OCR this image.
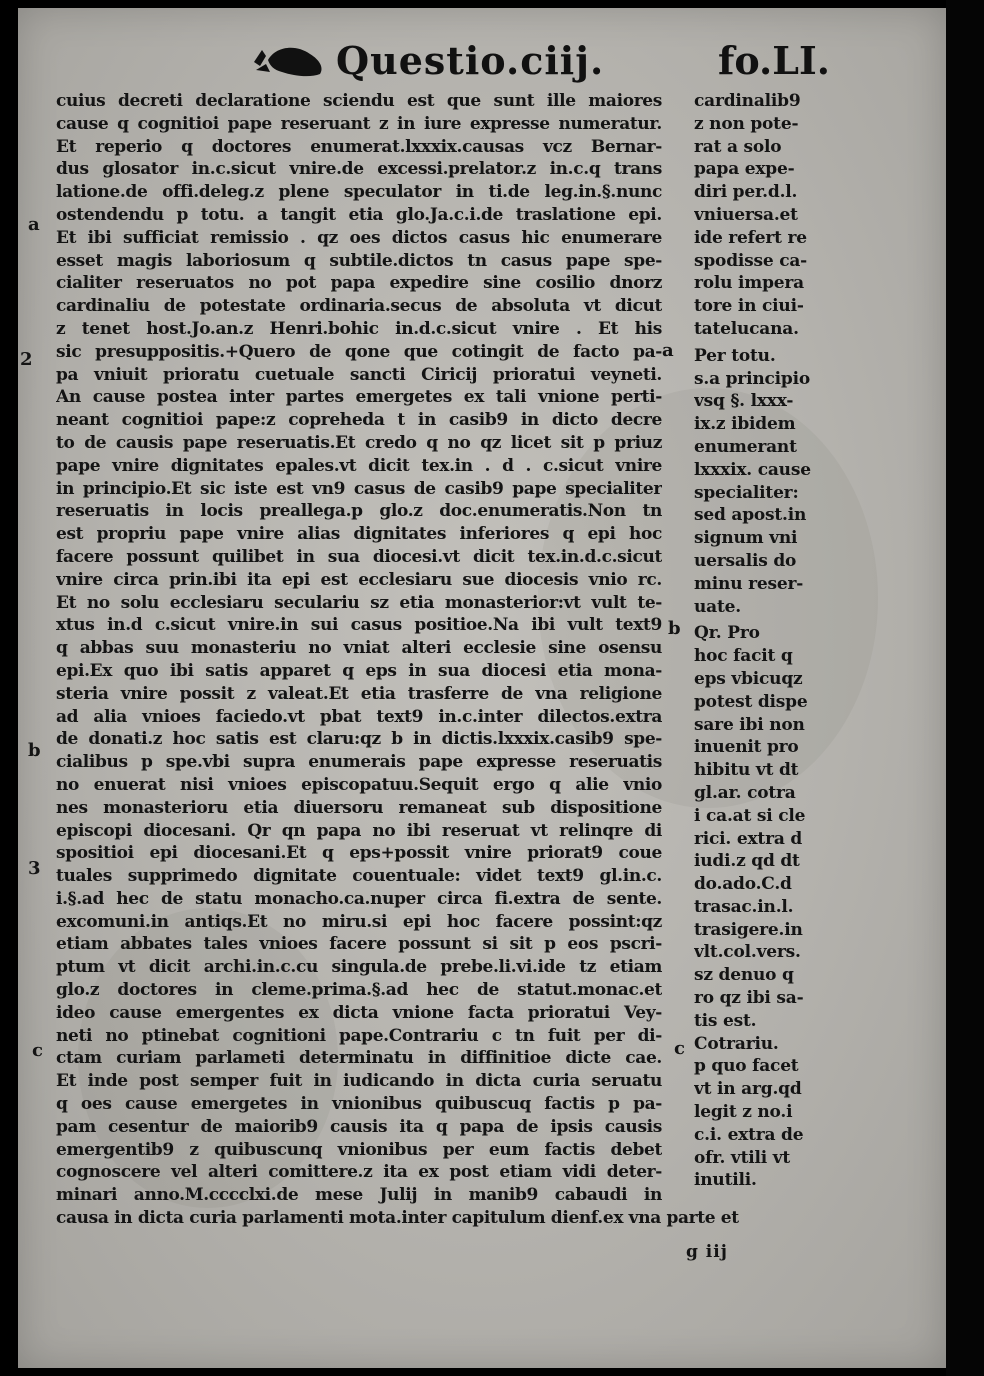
Questio.ciij.	fo.LI.
cuius decreti declaratione sciendu est que sunt ille maiores
cause q cognitioi pape reseruant z in iure expresse numeratur.
Et reperio q doctores enumerat.lxxxix.causas vcz Bernar-
dus glosator in.c.sicut vnire.de excessi.prelator.z in.c.q trans
latione.de offi.deleg.z plene speculator in ti.de leg.in.§.nunc
ostendendu p totu. a tangit etia glo.Ja.c.i.de traslatione epi.
Et ibi sufficiat remissio . qz oes dictos casus hic enumerare
esset magis laboriosum q subtile.dictos tn casus pape spe-
cialiter reseruatos no pot papa expedire sine cosilio dnorz
cardinaliu de potestate ordinaria.secus de absoluta vt dicut
z tenet host.Jo.an.z Henri.bohic in.d.c.sicut vnire . Et his
sic presuppositis.+Quero de qone que cotingit de facto pa-
pa vniuit prioratu cuetuale sancti Ciricij prioratui veyneti.
An cause postea inter partes emergetes ex tali vnione perti-
neant cognitioi pape:z copreheda t in casib9 in dicto decre
to de causis pape reseruatis.Et credo q no qz licet sit p priuz
pape vnire dignitates epales.vt dicit tex.in . d . c.sicut vnire
in principio.Et sic iste est vn9 casus de casib9 pape specialiter
reseruatis in locis preallega.p glo.z doc.enumeratis.Non tn
est propriu pape vnire alias dignitates inferiores q epi hoc
facere possunt quilibet in sua diocesi.vt dicit tex.in.d.c.sicut
vnire circa prin.ibi ita epi est ecclesiaru sue diocesis vnio rc.
Et no solu ecclesiaru seculariu sz etia monasterior:vt vult te-
xtus in.d c.sicut vnire.in sui casus positioe.Na ibi vult text9
q abbas suu monasteriu no vniat alteri ecclesie sine osensu
epi.Ex quo ibi satis apparet q eps in sua diocesi etia mona-
steria vnire possit z valeat.Et etia trasferre de vna religione
ad alia vnioes faciedo.vt pbat text9 in.c.inter dilectos.extra
de donati.z hoc satis est claru:qz b in dictis.lxxxix.casib9 spe-
cialibus p spe.vbi supra enumerais pape expresse reseruatis
no enuerat nisi vnioes episcopatuu.Sequit ergo q alie vnio
nes monasterioru etia diuersoru remaneat sub dispositione
episcopi diocesani. Qr qn papa no ibi reseruat vt relinqre di
spositioi epi diocesani.Et q eps+possit vnire priorat9 coue
tuales supprimedo dignitate couentuale: videt text9 gl.in.c.
i.§.ad hec de statu monacho.ca.nuper circa fi.extra de sente.
excomuni.in antiqs.Et no miru.si epi hoc facere possint:qz
etiam abbates tales vnioes facere possunt si sit p eos pscri-
ptum vt dicit archi.in.c.cu singula.de prebe.li.vi.ide tz etiam
glo.z doctores in cleme.prima.§.ad hec de statut.monac.et
ideo cause emergentes ex dicta vnione facta prioratui Vey-
neti no ptinebat cognitioni pape.Contrariu c tn fuit per di-
ctam curiam parlameti determinatu in diffinitioe dicte cae.
Et inde post semper fuit in iudicando in dicta curia seruatu
q oes cause emergetes in vnionibus quibuscuq factis p pa-
pam cesentur de maiorib9 causis ita q papa de ipsis causis
emergentib9 z quibuscunq vnionibus per eum factis debet
cognoscere vel alteri comittere.z ita ex post etiam vidi deter-
minari anno.M.cccclxi.de mese Julij in manib9 cabaudi in
causa in dicta curia parlamenti mota.inter capitulum dienf.ex vna parte et
cardinalib9
z non pote-
rat a solo
papa expe-
diri per.d.l.
vniuersa.et
ide refert re
spodisse ca-
rolu impera
tore in ciui-
tatelucana.
Per totu.
s.a principio
vsq §. lxxx-
ix.z ibidem
enumerant
lxxxix. cause
specialiter:
sed apost.in
signum vni
uersalis do
minu reser-
uate.
Qr. Pro
hoc facit q
eps vbicuqz
potest dispe
sare ibi non
inuenit pro
hibitu vt dt
gl.ar. cotra
i ca.at si cle
rici. extra d
iudi.z qd dt
do.ado.C.d
trasac.in.l.
trasigere.in
vlt.col.vers.
sz denuo q
ro qz ibi sa-
tis est.
Cotrariu.
p quo facet
vt in arg.qd
legit z no.i
c.i. extra de
ofr. vtili vt
inutili.
a
2
b
3
c
a
b
c
g iij
